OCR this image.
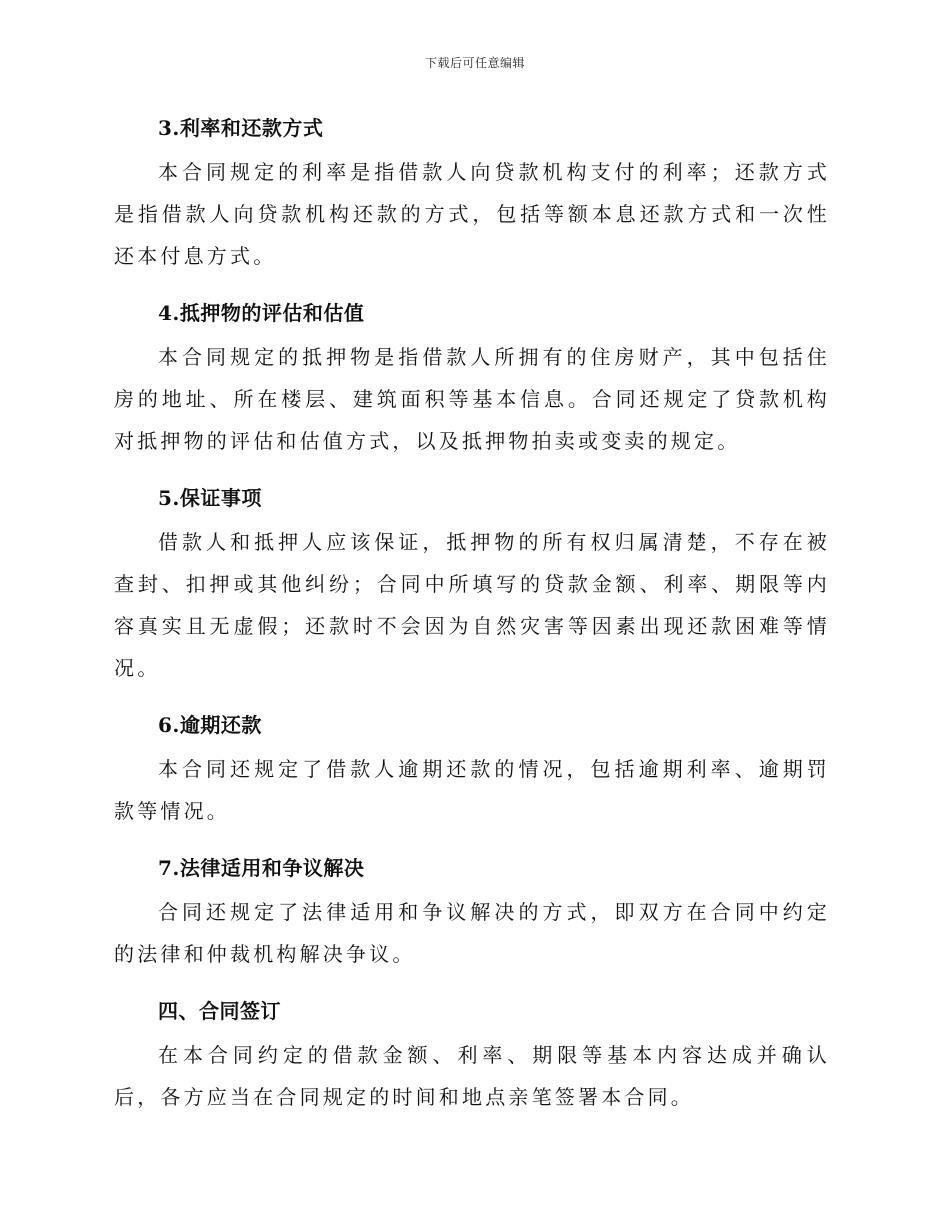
下载后可任意编辑

3.利率和还款方式

本合同规定的利率是指借款人向贷款机构支付的利率；还款方式是指借款人向贷款机构还款的方式，包括等额本息还款方式和一次性还本付息方式。

4.抵押物的评估和估值

本合同规定的抵押物是指借款人所拥有的住房财产，其中包括住房的地址、所在楼层、建筑面积等基本信息。合同还规定了贷款机构对抵押物的评估和估值方式，以及抵押物拍卖或变卖的规定。

5.保证事项

借款人和抵押人应该保证，抵押物的所有权归属清楚，不存在被查封、扣押或其他纠纷；合同中所填写的贷款金额、利率、期限等内容真实且无虚假；还款时不会因为自然灾害等因素出现还款困难等情况。

6.逾期还款

本合同还规定了借款人逾期还款的情况，包括逾期利率、逾期罚款等情况。

7.法律适用和争议解决

合同还规定了法律适用和争议解决的方式，即双方在合同中约定的法律和仲裁机构解决争议。

四、合同签订

在本合同约定的借款金额、利率、期限等基本内容达成并确认后，各方应当在合同规定的时间和地点亲笔签署本合同。
